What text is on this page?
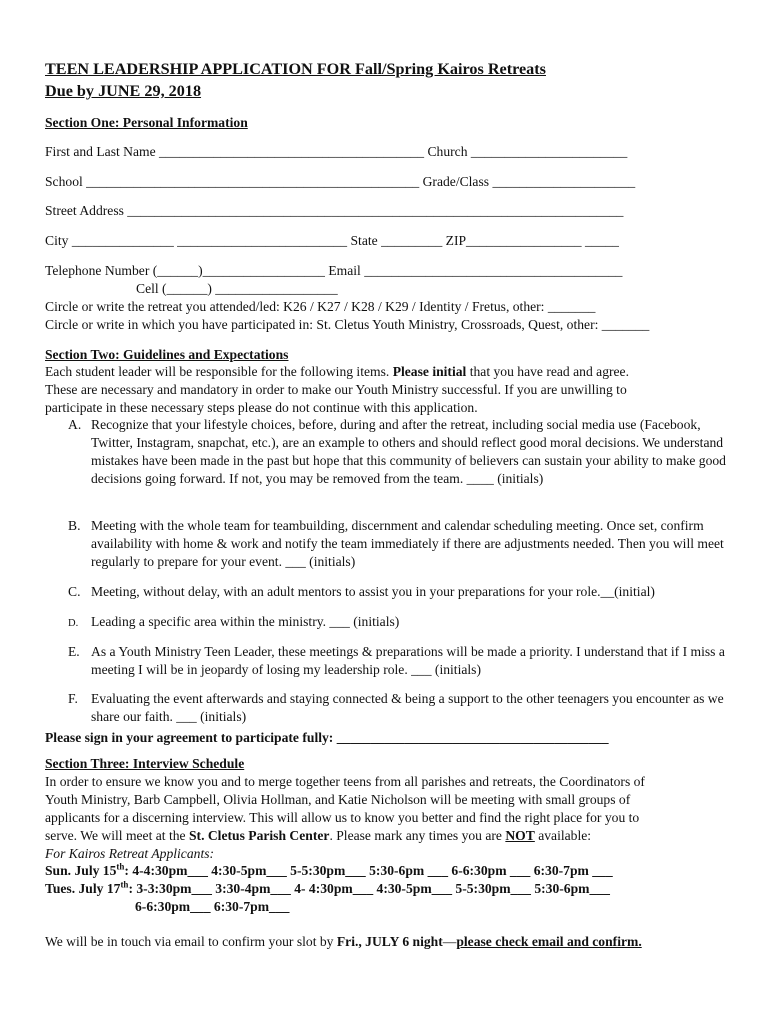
TEEN LEADERSHIP APPLICATION FOR Fall/Spring Kairos Retreats
Due by JUNE 29, 2018
Section One: Personal Information
First and Last Name _______________________________________ Church _______________________
School _________________________________________________ Grade/Class _____________________
Street Address _________________________________________________________________________
City _______________ _________________________ State _________ ZIP_________________ _____
Telephone Number (______)__________________ Email ______________________________________
Cell (______) __________________
Circle or write the retreat you attended/led: K26 / K27 / K28 / K29 / Identity / Fretus, other: _______
Circle or write in which you have participated in: St. Cletus Youth Ministry, Crossroads, Quest, other: _______
Section Two: Guidelines and Expectations
Each student leader will be responsible for the following items. Please initial that you have read and agree.
These are necessary and mandatory in order to make our Youth Ministry successful. If you are unwilling to
participate in these necessary steps please do not continue with this application.
A. Recognize that your lifestyle choices, before, during and after the retreat, including social media use (Facebook, Twitter, Instagram, snapchat, etc.), are an example to others and should reflect good moral decisions. We understand mistakes have been made in the past but hope that this community of believers can sustain your ability to make good decisions going forward. If not, you may be removed from the team. ____ (initials)
B. Meeting with the whole team for teambuilding, discernment and calendar scheduling meeting. Once set, confirm availability with home & work and notify the team immediately if there are adjustments needed. Then you will meet regularly to prepare for your event. ___ (initials)
C. Meeting, without delay, with an adult mentors to assist you in your preparations for your role.__(initial)
D. Leading a specific area within the ministry. ___ (initials)
E. As a Youth Ministry Teen Leader, these meetings & preparations will be made a priority. I understand that if I miss a meeting I will be in jeopardy of losing my leadership role. ___ (initials)
F. Evaluating the event afterwards and staying connected & being a support to the other teenagers you encounter as we share our faith. ___ (initials)
Please sign in your agreement to participate fully: ________________________________________
Section Three: Interview Schedule
In order to ensure we know you and to merge together teens from all parishes and retreats, the Coordinators of
Youth Ministry, Barb Campbell, Olivia Hollman, and Katie Nicholson will be meeting with small groups of
applicants for a discerning interview. This will allow us to know you better and find the right place for you to
serve. We will meet at the St. Cletus Parish Center. Please mark any times you are NOT available:
For Kairos Retreat Applicants:
Sun. July 15th: 4-4:30pm___ 4:30-5pm___ 5-5:30pm___ 5:30-6pm ___ 6-6:30pm ___ 6:30-7pm ___
Tues. July 17th: 3-3:30pm___ 3:30-4pm___ 4- 4:30pm___ 4:30-5pm___ 5-5:30pm___ 5:30-6pm___
6-6:30pm___ 6:30-7pm___
We will be in touch via email to confirm your slot by Fri., JULY 6 night—please check email and confirm.
